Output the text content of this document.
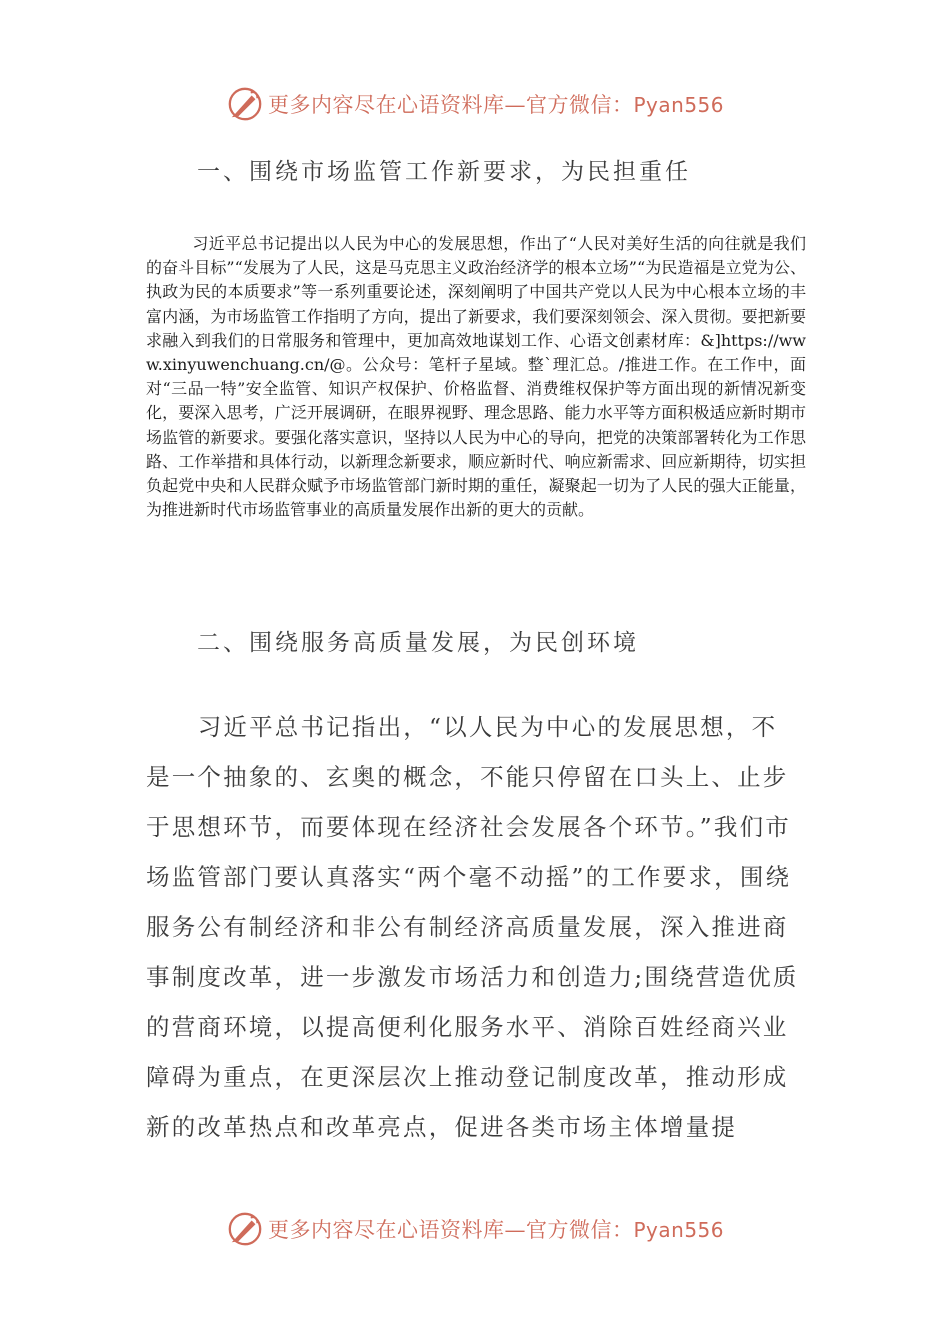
更多内容尽在心语资料库—官方微信：Pyan556
一、围绕市场监管工作新要求，为民担重任
习近平总书记提出以人民为中心的发展思想，作出了“人民对美好生活的向往就是我们的奋斗目标”“发展为了人民，这是马克思主义政治经济学的根本立场”“为民造福是立党为公、执政为民的本质要求”等一系列重要论述，深刻阐明了中国共产党以人民为中心根本立场的丰富内涵，为市场监管工作指明了方向，提出了新要求，我们要深刻领会、深入贯彻。要把新要求融入到我们的日常服务和管理中，更加高效地谋划工作、心语文创素材库：&]https://www.xinyuwenchuang.cn/@。公众号：笔杆子星域。整`理汇总。/推进工作。在工作中，面对“三品一特”安全监管、知识产权保护、价格监督、消费维权保护等方面出现的新情况新变化，要深入思考，广泛开展调研，在眼界视野、理念思路、能力水平等方面积极适应新时期市场监管的新要求。要强化落实意识，坚持以人民为中心的导向，把党的决策部署转化为工作思路、工作举措和具体行动，以新理念新要求，顺应新时代、响应新需求、回应新期待，切实担负起党中央和人民群众赋予市场监管部门新时期的重任，凝聚起一切为了人民的强大正能量，为推进新时代市场监管事业的高质量发展作出新的更大的贡献。
二、围绕服务高质量发展，为民创环境
习近平总书记指出，“以人民为中心的发展思想，不是一个抽象的、玄奥的概念，不能只停留在口头上、止步于思想环节，而要体现在经济社会发展各个环节。”我们市场监管部门要认真落实“两个毫不动摇”的工作要求，围绕服务公有制经济和非公有制经济高质量发展，深入推进商事制度改革，进一步激发市场活力和创造力;围绕营造优质的营商环境，以提高便利化服务水平、消除百姓经商兴业障碍为重点，在更深层次上推动登记制度改革，推动形成新的改革热点和改革亮点，促进各类市场主体增量提
更多内容尽在心语资料库—官方微信：Pyan556
